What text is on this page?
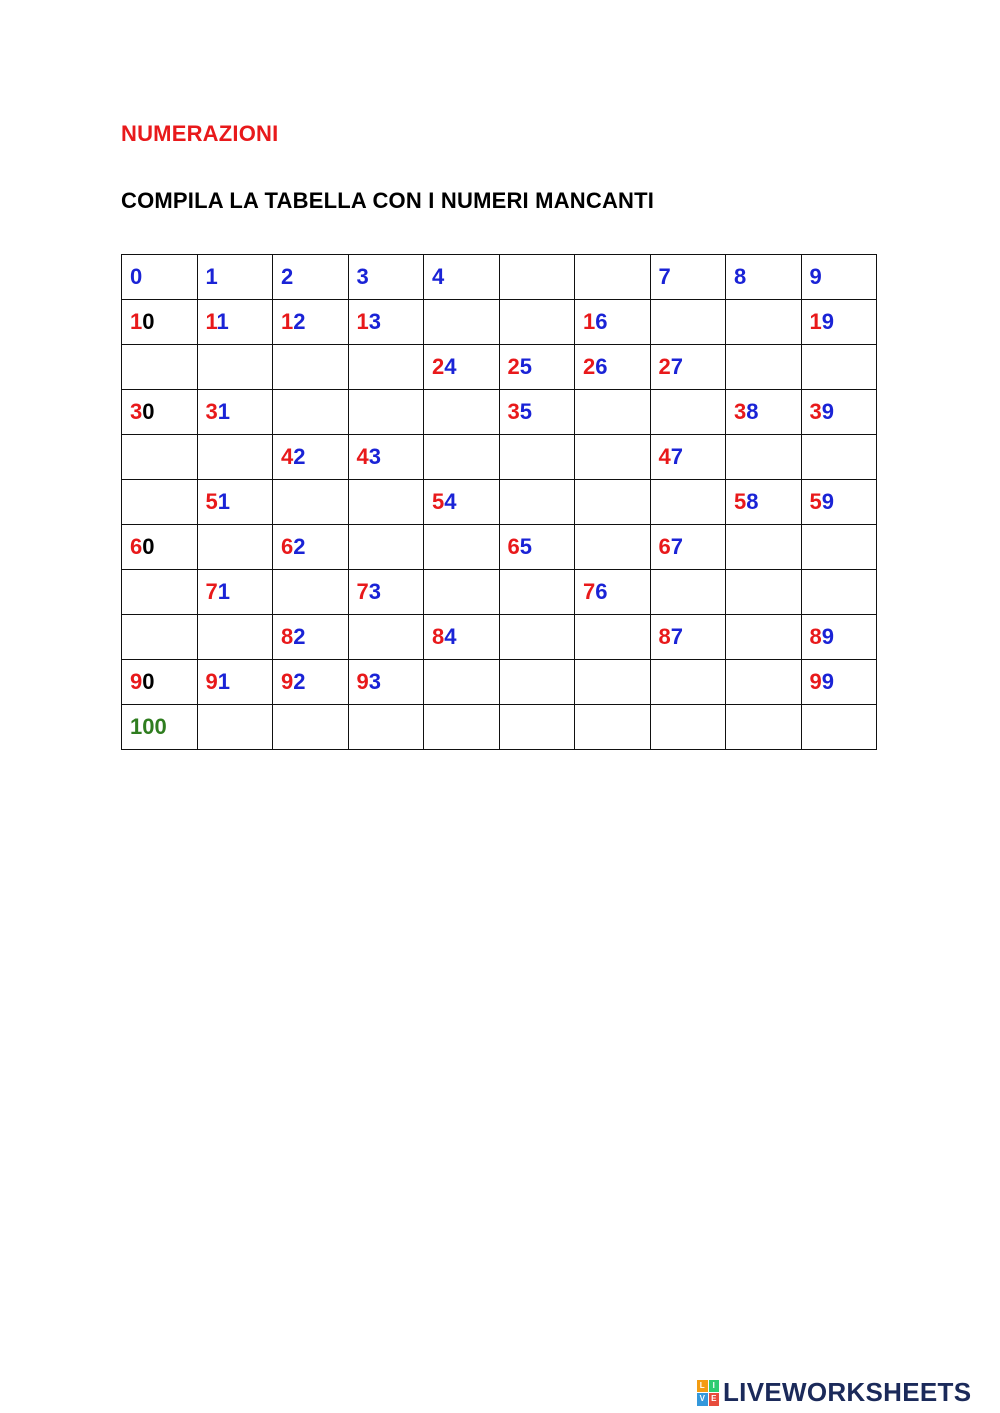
NUMERAZIONI
COMPILA LA TABELLA CON I NUMERI MANCANTI
0	1	2	3	4			7	8	9
10	11	12	13			16			19
				24	25	26	27		
30	31				35			38	39
		42	43				47		
	51			54				58	59
60		62			65		67		
	71		73			76			
		82		84			87		89
90	91	92	93						99
100									
L I
V E LIVEWORKSHEETS
